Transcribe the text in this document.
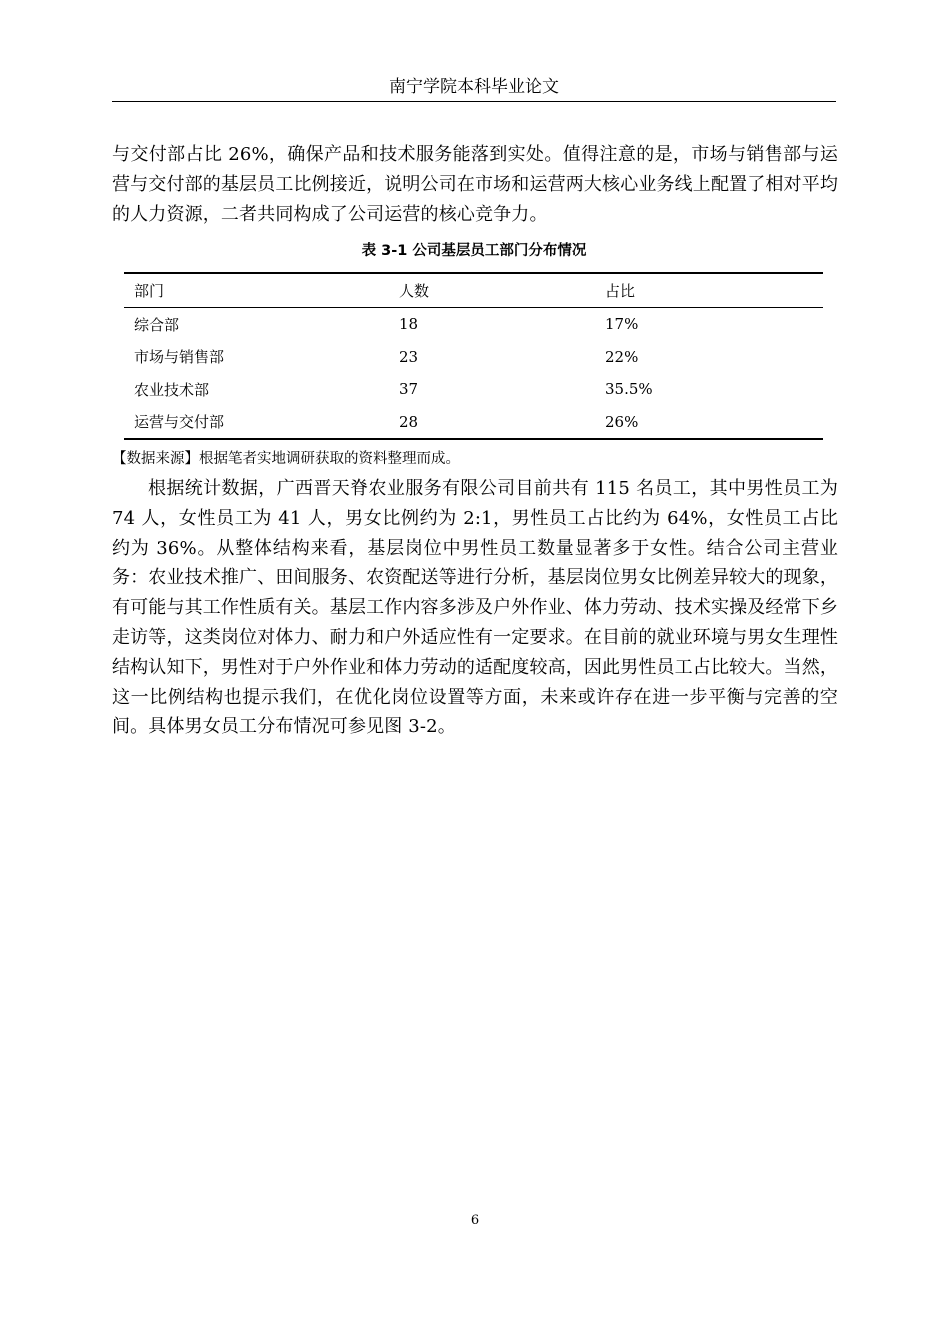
南宁学院本科毕业论文

与交付部占比 26%，确保产品和技术服务能落到实处。值得注意的是，市场与销售部与运营与交付部的基层员工比例接近，说明公司在市场和运营两大核心业务线上配置了相对平均的人力资源，二者共同构成了公司运营的核心竞争力。

表 3-1 公司基层员工部门分布情况
部门	人数	占比
综合部	18	17%
市场与销售部	23	22%
农业技术部	37	35.5%
运营与交付部	28	26%
【数据来源】根据笔者实地调研获取的资料整理而成。

根据统计数据，广西晋天脊农业服务有限公司目前共有 115 名员工，其中男性员工为 74 人，女性员工为 41 人，男女比例约为 2:1，男性员工占比约为 64%，女性员工占比约为 36%。从整体结构来看，基层岗位中男性员工数量显著多于女性。结合公司主营业务：农业技术推广、田间服务、农资配送等进行分析，基层岗位男女比例差异较大的现象，有可能与其工作性质有关。基层工作内容多涉及户外作业、体力劳动、技术实操及经常下乡走访等，这类岗位对体力、耐力和户外适应性有一定要求。在目前的就业环境与男女生理性结构认知下，男性对于户外作业和体力劳动的适配度较高，因此男性员工占比较大。当然，这一比例结构也提示我们，在优化岗位设置等方面，未来或许存在进一步平衡与完善的空间。具体男女员工分布情况可参见图 3-2。

6
